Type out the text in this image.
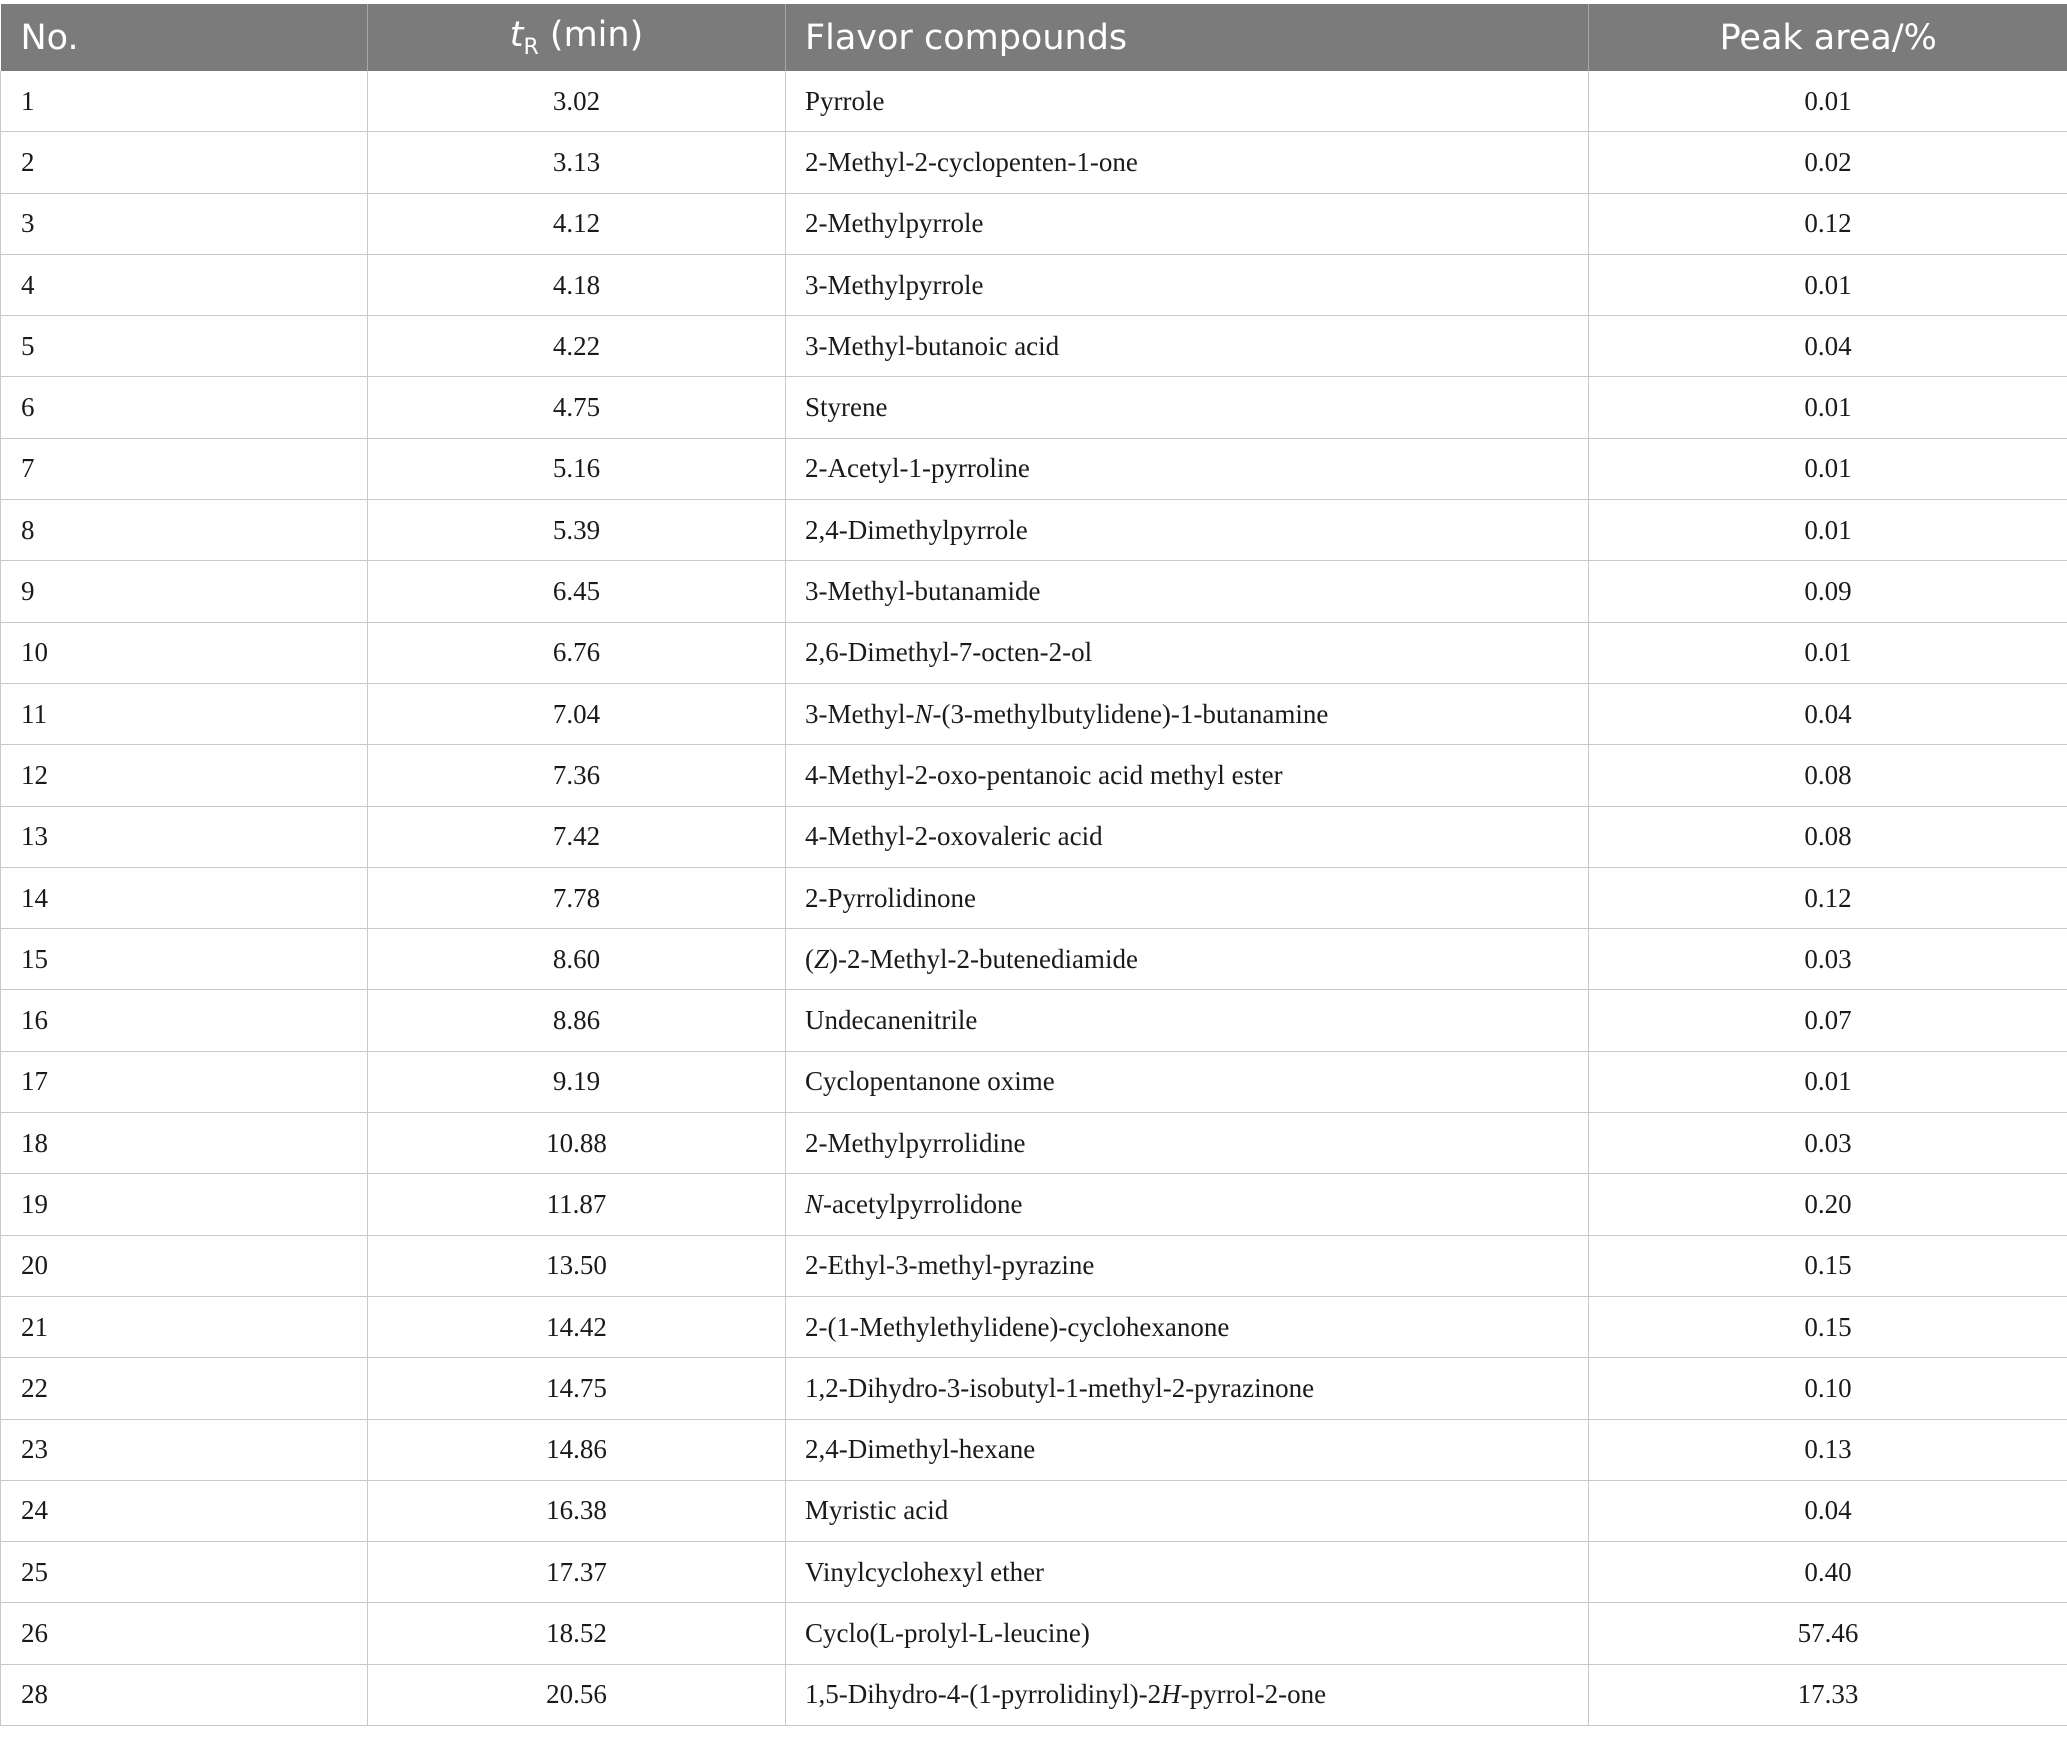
No.	$t_R$ (min)	Flavor compounds	Peak area/%
1	3.02	Pyrrole	0.01
2	3.13	2-Methyl-2-cyclopenten-1-one	0.02
3	4.12	2-Methylpyrrole	0.12
4	4.18	3-Methylpyrrole	0.01
5	4.22	3-Methyl-butanoic acid	0.04
6	4.75	Styrene	0.01
7	5.16	2-Acetyl-1-pyrroline	0.01
8	5.39	2,4-Dimethylpyrrole	0.01
9	6.45	3-Methyl-butanamide	0.09
10	6.76	2,6-Dimethyl-7-octen-2-ol	0.01
11	7.04	3-Methyl-N-(3-methylbutylidene)-1-butanamine	0.04
12	7.36	4-Methyl-2-oxo-pentanoic acid methyl ester	0.08
13	7.42	4-Methyl-2-oxovaleric acid	0.08
14	7.78	2-Pyrrolidinone	0.12
15	8.60	(Z)-2-Methyl-2-butenediamide	0.03
16	8.86	Undecanenitrile	0.07
17	9.19	Cyclopentanone oxime	0.01
18	10.88	2-Methylpyrrolidine	0.03
19	11.87	N-acetylpyrrolidone	0.20
20	13.50	2-Ethyl-3-methyl-pyrazine	0.15
21	14.42	2-(1-Methylethylidene)-cyclohexanone	0.15
22	14.75	1,2-Dihydro-3-isobutyl-1-methyl-2-pyrazinone	0.10
23	14.86	2,4-Dimethyl-hexane	0.13
24	16.38	Myristic acid	0.04
25	17.37	Vinylcyclohexyl ether	0.40
26	18.52	Cyclo(L-prolyl-L-leucine)	57.46
28	20.56	1,5-Dihydro-4-(1-pyrrolidinyl)-2H-pyrrol-2-one	17.33
